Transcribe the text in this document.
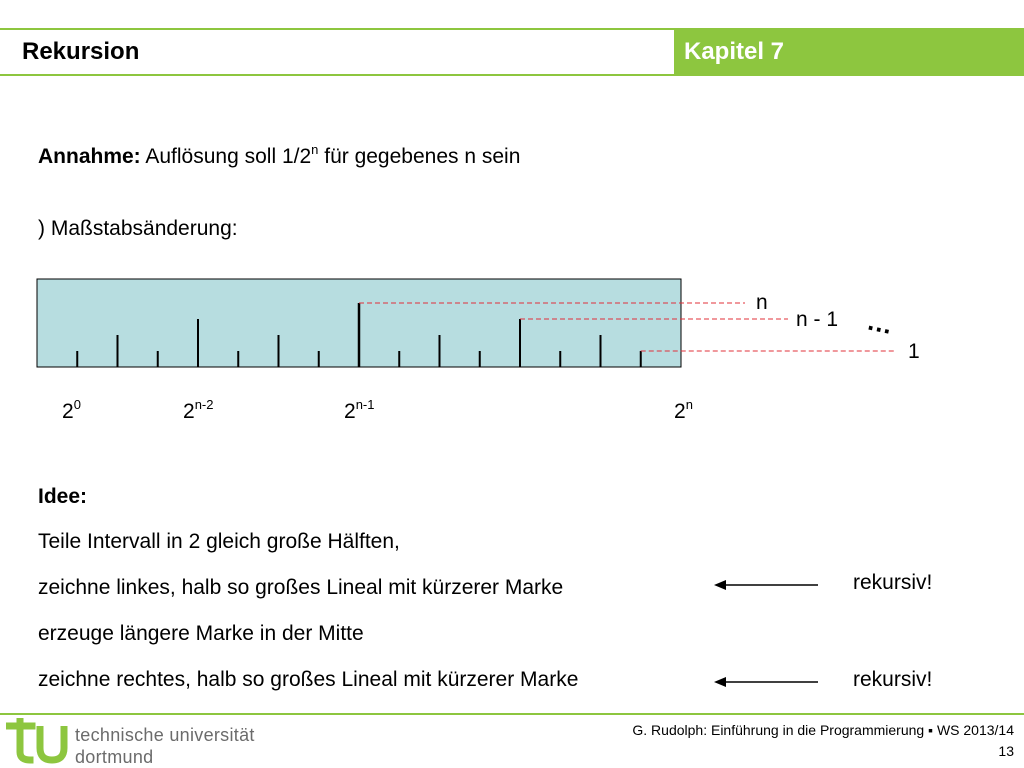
Rekursion	Kapitel 7
Annahme: Auflösung soll 1/2$^n$ für gegebenes n sein
) Maßstabsänderung:
n
n - 1 …
1
$2^0$	2$^{n-2}$	2$^{n-1}$	2$^n$
Idee:
Teile Intervall in 2 gleich große Hälften,
zeichne linkes, halb so großes Lineal mit kürzerer Marke
erzeuge längere Marke in der Mitte
zeichne rechtes, halb so großes Lineal mit kürzerer Marke
rekursiv!
rekursiv!
technische universität
dortmund
G. Rudolph: Einführung in die Programmierung ▪ WS 2013/14
13
